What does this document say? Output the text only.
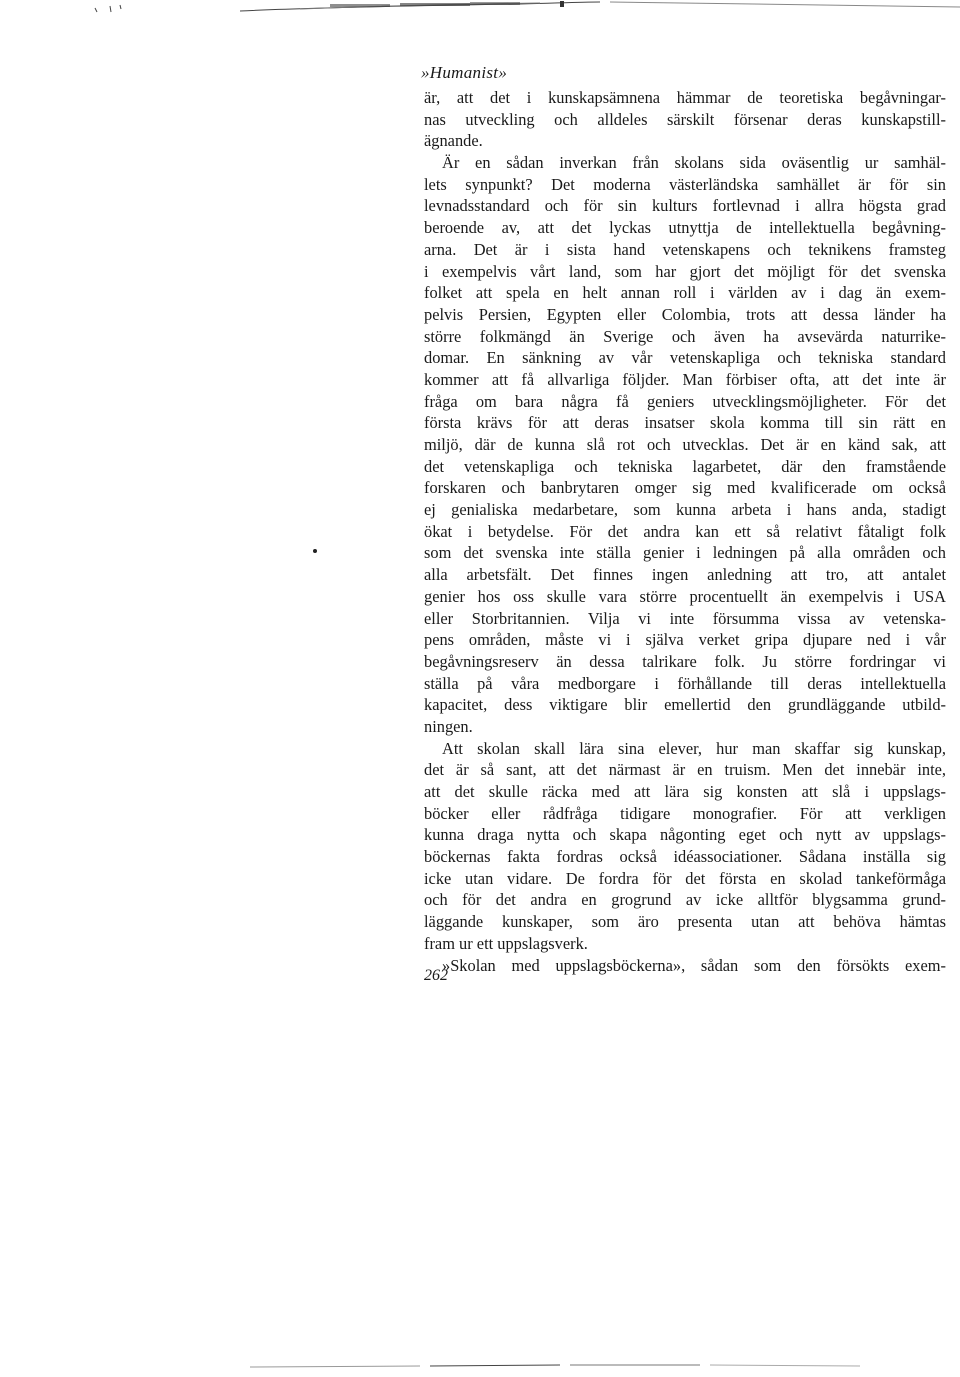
»Humanist»
är, att det i kunskapsämnena hämmar de teoretiska begåvningar-
nas utveckling och alldeles särskilt försenar deras kunskapstill-
ägnande.
Är en sådan inverkan från skolans sida oväsentlig ur samhäl-
lets synpunkt? Det moderna västerländska samhället är för sin
levnadsstandard och för sin kulturs fortlevnad i allra högsta grad
beroende av, att det lyckas utnyttja de intellektuella begåvning-
arna. Det är i sista hand vetenskapens och teknikens framsteg
i exempelvis vårt land, som har gjort det möjligt för det svenska
folket att spela en helt annan roll i världen av i dag än exem-
pelvis Persien, Egypten eller Colombia, trots att dessa länder ha
större folkmängd än Sverige och även ha avsevärda naturrike-
domar. En sänkning av vår vetenskapliga och tekniska standard
kommer att få allvarliga följder. Man förbiser ofta, att det inte är
fråga om bara några få geniers utvecklingsmöjligheter. För det
första krävs för att deras insatser skola komma till sin rätt en
miljö, där de kunna slå rot och utvecklas. Det är en känd sak, att
det vetenskapliga och tekniska lagarbetet, där den framstående
forskaren och banbrytaren omger sig med kvalificerade om också
ej genialiska medarbetare, som kunna arbeta i hans anda, stadigt
ökat i betydelse. För det andra kan ett så relativt fåtaligt folk
som det svenska inte ställa genier i ledningen på alla områden och
alla arbetsfält. Det finnes ingen anledning att tro, att antalet
genier hos oss skulle vara större procentuellt än exempelvis i USA
eller Storbritannien. Vilja vi inte försumma vissa av vetenska-
pens områden, måste vi i själva verket gripa djupare ned i vår
begåvningsreserv än dessa talrikare folk. Ju större fordringar vi
ställa på våra medborgare i förhållande till deras intellektuella
kapacitet, dess viktigare blir emellertid den grundläggande utbild-
ningen.
Att skolan skall lära sina elever, hur man skaffar sig kunskap,
det är så sant, att det närmast är en truism. Men det innebär inte,
att det skulle räcka med att lära sig konsten att slå i uppslags-
böcker eller rådfråga tidigare monografier. För att verkligen
kunna draga nytta och skapa någonting eget och nytt av uppslags-
böckernas fakta fordras också idéassociationer. Sådana inställa sig
icke utan vidare. De fordra för det första en skolad tankeförmåga
och för det andra en grogrund av icke alltför blygsamma grund-
läggande kunskaper, som äro presenta utan att behöva hämtas
fram ur ett uppslagsverk.
»Skolan med uppslagsböckerna», sådan som den försökts exem-
262
